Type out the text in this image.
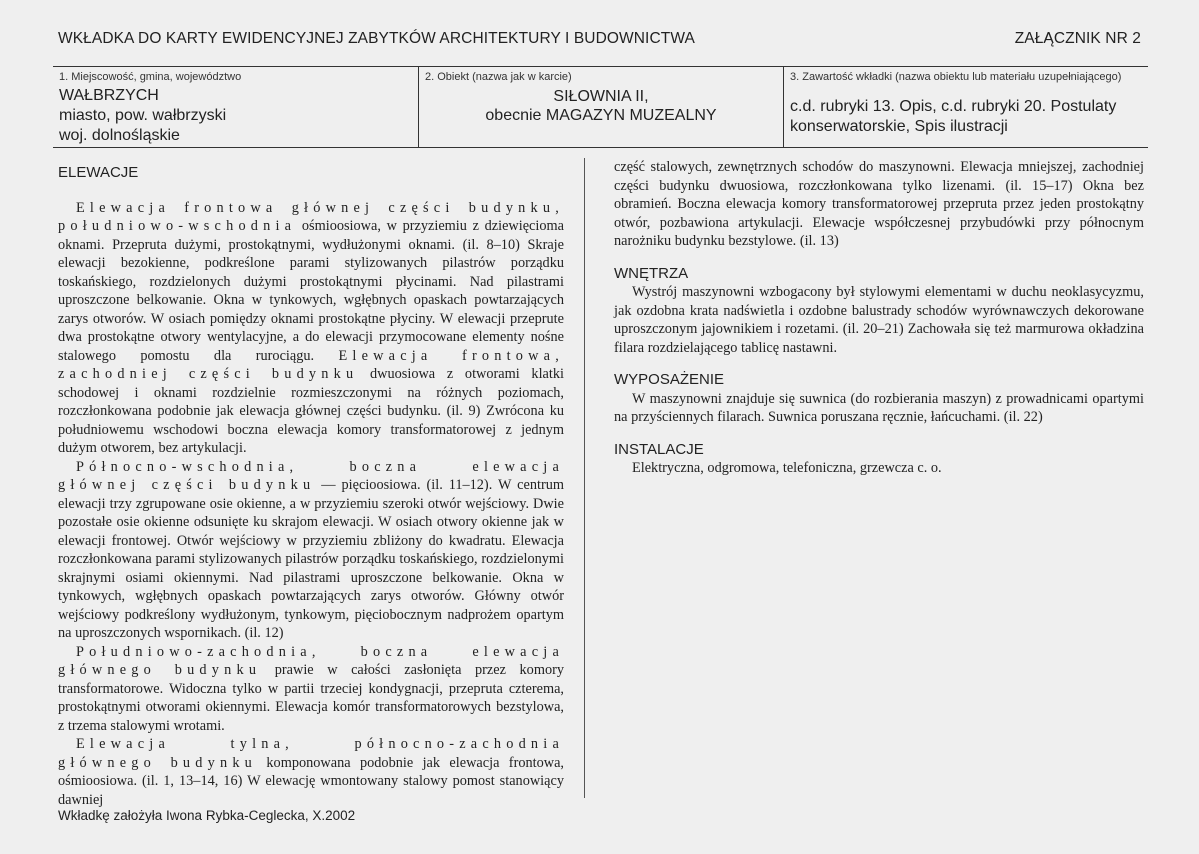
WKŁADKA DO KARTY EWIDENCYJNEJ ZABYTKÓW ARCHITEKTURY I BUDOWNICTWA	ZAŁĄCZNIK NR 2
1. Miejscowość, gmina, województwo
WAŁBRZYCH
miasto, pow. wałbrzyski
woj. dolnośląskie
2. Obiekt (nazwa jak w karcie)
SIŁOWNIA II,
obecnie MAGAZYN MUZEALNY
3. Zawartość wkładki (nazwa obiektu lub materiału uzupełniającego)
c.d. rubryki 13. Opis, c.d. rubryki 20. Postulaty konserwatorskie, Spis ilustracji
ELEWACJE

Elewacja frontowa głównej części budynku, południowo-wschodnia ośmioosiowa, w przyziemiu z dziewięcioma oknami. Przepruta dużymi, prostokątnymi, wydłużonymi oknami. (il. 8–10) Skraje elewacji bezokienne, podkreślone parami stylizowanych pilastrów porządku toskańskiego, rozdzielonych dużymi prostokątnymi płycinami. Nad pilastrami uproszczone belkowanie. Okna w tynkowych, wgłębnych opaskach powtarzających zarys otworów. W osiach pomiędzy oknami prostokątne płyciny. W elewacji przeprute dwa prostokątne otwory wentylacyjne, a do elewacji przymocowane elementy nośne stalowego pomostu dla rurociągu. Elewacja frontowa, zachodniej części budynku dwuosiowa z otworami klatki schodowej i oknami rozdzielnie rozmieszczonymi na różnych poziomach, rozczłonkowana podobnie jak elewacja głównej części budynku. (il. 9) Zwrócona ku południowemu wschodowi boczna elewacja komory transformatorowej z jednym dużym otworem, bez artykulacji.

Północno-wschodnia, boczna elewacja głównej części budynku — pięcioosiowa. (il. 11–12). W centrum elewacji trzy zgrupowane osie okienne, a w przyziemiu szeroki otwór wejściowy. Dwie pozostałe osie okienne odsunięte ku skrajom elewacji. W osiach otwory okienne jak w elewacji frontowej. Otwór wejściowy w przyziemiu zbliżony do kwadratu. Elewacja rozczłonkowana parami stylizowanych pilastrów porządku toskańskiego, rozdzielonymi skrajnymi osiami okiennymi. Nad pilastrami uproszczone belkowanie. Okna w tynkowych, wgłębnych opaskach powtarzających zarys otworów. Główny otwór wejściowy podkreślony wydłużonym, tynkowym, pięciobocznym nadprożem opartym na uproszczonych wspornikach. (il. 12)

Południowo-zachodnia, boczna elewacja głównego budynku prawie w całości zasłonięta przez komory transformatorowe. Widoczna tylko w partii trzeciej kondygnacji, przepruta czterema, prostokątnymi otworami okiennymi. Elewacja komór transformatorowych bezstylowa, z trzema stalowymi wrotami.

Elewacja tylna, północno-zachodnia głównego budynku komponowana podobnie jak elewacja frontowa, ośmioosiowa. (il. 1, 13–14, 16) W elewację wmontowany stalowy pomost stanowiący dawniej

część stalowych, zewnętrznych schodów do maszynowni. Elewacja mniejszej, zachodniej części budynku dwuosiowa, rozczłonkowana tylko lizenami. (il. 15–17) Okna bez obramień. Boczna elewacja komory transformatorowej przepruta przez jeden prostokątny otwór, pozbawiona artykulacji. Elewacje współczesnej przybudówki przy północnym narożniku budynku bezstylowe. (il. 13)

WNĘTRZA

Wystrój maszynowni wzbogacony był stylowymi elementami w duchu neoklasycyzmu, jak ozdobna krata nadświetla i ozdobne balustrady schodów wyrównawczych dekorowane uproszczonym jajownikiem i rozetami. (il. 20–21) Zachowała się też marmurowa okładzina filara rozdzielającego tablicę nastawni.

WYPOSAŻENIE

W maszynowni znajduje się suwnica (do rozbierania maszyn) z prowadnicami opartymi na przyściennych filarach. Suwnica poruszana ręcznie, łańcuchami. (il. 22)

INSTALACJE

Elektryczna, odgromowa, telefoniczna, grzewcza c. o.

Wkładkę założyła Iwona Rybka-Ceglecka, X.2002
